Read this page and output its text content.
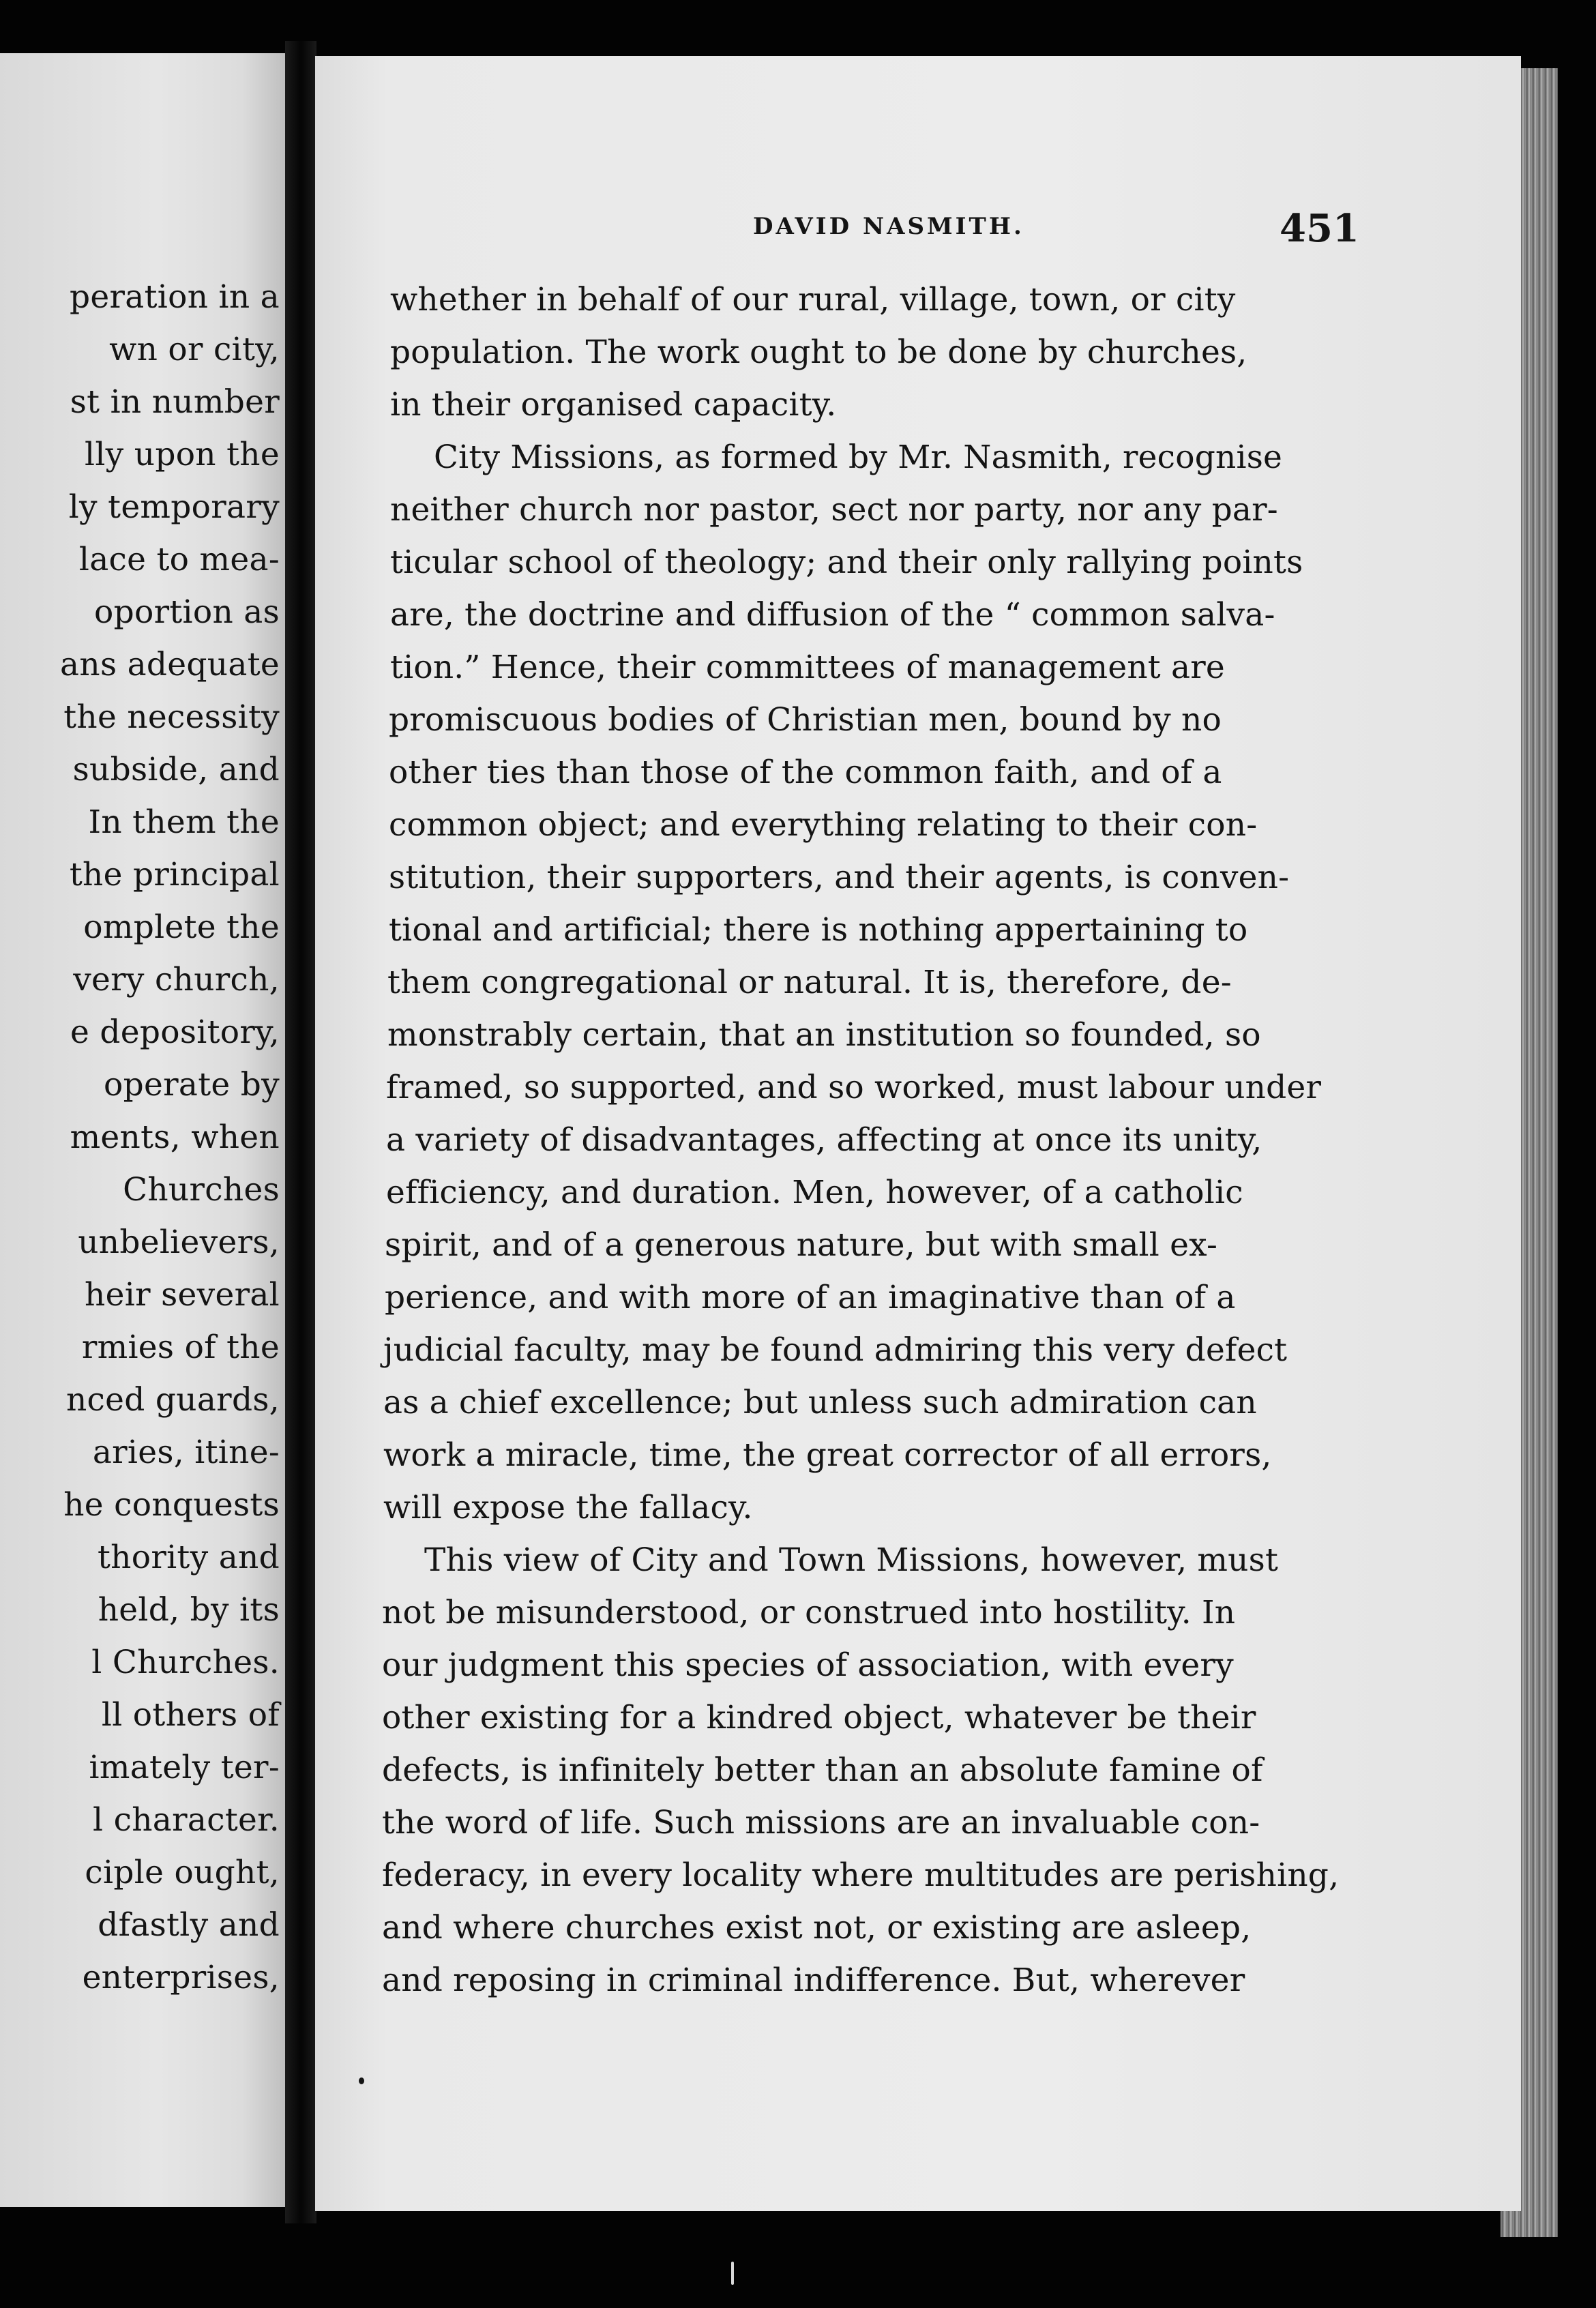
peration in a
wn or city,
st in number
lly upon the
ly temporary
lace to mea-
oportion as
ans adequate
the necessity
subside, and
In them the
the principal
omplete the
very church,
e depository,
operate by
ments, when
Churches
unbelievers,
heir several
rmies of the
nced guards,
aries, itine-
he conquests
thority and
held, by its
l Churches.
ll others of
imately ter-
l character.
ciple ought,
dfastly and
enterprises,
DAVID NASMITH.	451
whether in behalf of our rural, village, town, or city
population. The work ought to be done by churches,
in their organised capacity.
City Missions, as formed by Mr. Nasmith, recognise
neither church nor pastor, sect nor party, nor any par-
ticular school of theology; and their only rallying points
are, the doctrine and diffusion of the “ common salva-
tion.” Hence, their committees of management are
promiscuous bodies of Christian men, bound by no
other ties than those of the common faith, and of a
common object; and everything relating to their con-
stitution, their supporters, and their agents, is conven-
tional and artificial; there is nothing appertaining to
them congregational or natural. It is, therefore, de-
monstrably certain, that an institution so founded, so
framed, so supported, and so worked, must labour under
a variety of disadvantages, affecting at once its unity,
efficiency, and duration. Men, however, of a catholic
spirit, and of a generous nature, but with small ex-
perience, and with more of an imaginative than of a
judicial faculty, may be found admiring this very defect
as a chief excellence; but unless such admiration can
work a miracle, time, the great corrector of all errors,
will expose the fallacy.
This view of City and Town Missions, however, must
not be misunderstood, or construed into hostility. In
our judgment this species of association, with every
other existing for a kindred object, whatever be their
defects, is infinitely better than an absolute famine of
the word of life. Such missions are an invaluable con-
federacy, in every locality where multitudes are perishing,
and where churches exist not, or existing are asleep,
and reposing in criminal indifference. But, wherever
